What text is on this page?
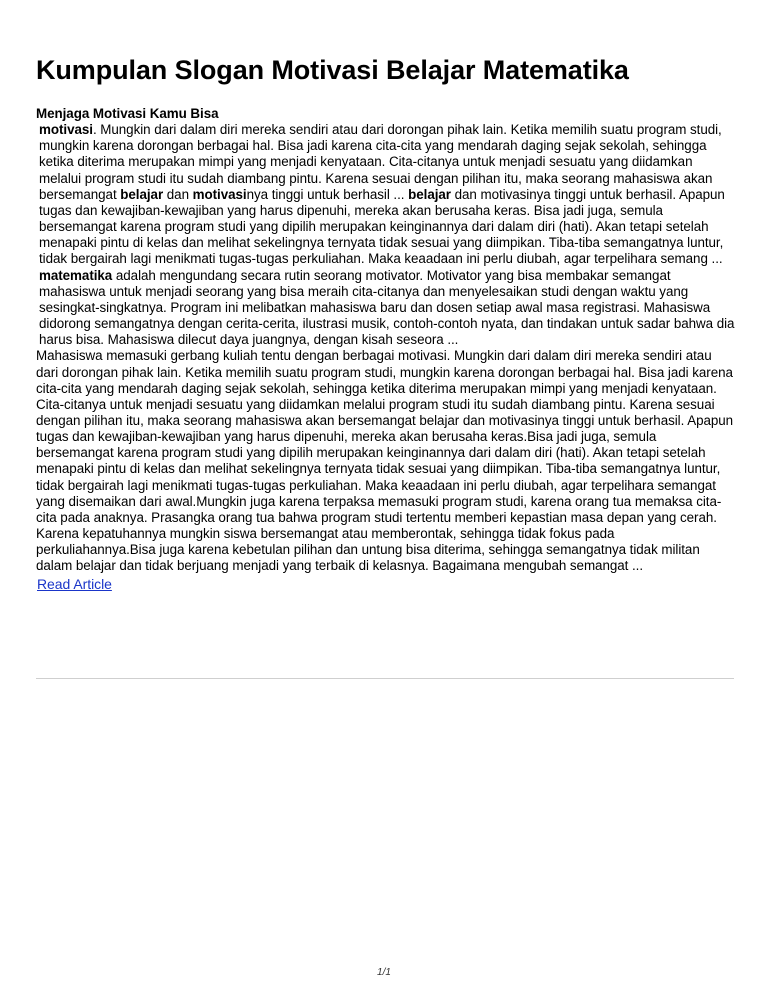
Kumpulan Slogan Motivasi Belajar Matematika

Menjaga Motivasi Kamu Bisa

motivasi. Mungkin dari dalam diri mereka sendiri atau dari dorongan pihak lain. Ketika memilih suatu program studi, mungkin karena dorongan berbagai hal. Bisa jadi karena cita-cita yang mendarah daging sejak sekolah, sehingga ketika diterima merupakan mimpi yang menjadi kenyataan. Cita-citanya untuk menjadi sesuatu yang diidamkan melalui program studi itu sudah diambang pintu. Karena sesuai dengan pilihan itu, maka seorang mahasiswa akan bersemangat belajar dan motivasinya tinggi untuk berhasil ... belajar dan motivasinya tinggi untuk berhasil. Apapun tugas dan kewajiban-kewajiban yang harus dipenuhi, mereka akan berusaha keras. Bisa jadi juga, semula bersemangat karena program studi yang dipilih merupakan keinginannya dari dalam diri (hati). Akan tetapi setelah menapaki pintu di kelas dan melihat sekelingnya ternyata tidak sesuai yang diimpikan. Tiba-tiba semangatnya luntur, tidak bergairah lagi menikmati tugas-tugas perkuliahan. Maka keaadaan ini perlu diubah, agar terpelihara semang ... matematika adalah mengundang secara rutin seorang motivator. Motivator yang bisa membakar semangat mahasiswa untuk menjadi seorang yang bisa meraih cita-citanya dan menyelesaikan studi dengan waktu yang sesingkat-singkatnya. Program ini melibatkan mahasiswa baru dan dosen setiap awal masa registrasi. Mahasiswa didorong semangatnya dengan cerita-cerita, ilustrasi musik, contoh-contoh nyata, dan tindakan untuk sadar bahwa dia harus bisa. Mahasiswa dilecut daya juangnya, dengan kisah seseora ...

Mahasiswa memasuki gerbang kuliah tentu dengan berbagai motivasi. Mungkin dari dalam diri mereka sendiri atau dari dorongan pihak lain. Ketika memilih suatu program studi, mungkin karena dorongan berbagai hal. Bisa jadi karena cita-cita yang mendarah daging sejak sekolah, sehingga ketika diterima merupakan mimpi yang menjadi kenyataan. Cita-citanya untuk menjadi sesuatu yang diidamkan melalui program studi itu sudah diambang pintu. Karena sesuai dengan pilihan itu, maka seorang mahasiswa akan bersemangat belajar dan motivasinya tinggi untuk berhasil. Apapun tugas dan kewajiban-kewajiban yang harus dipenuhi, mereka akan berusaha keras.Bisa jadi juga, semula bersemangat karena program studi yang dipilih merupakan keinginannya dari dalam diri (hati). Akan tetapi setelah menapaki pintu di kelas dan melihat sekelingnya ternyata tidak sesuai yang diimpikan. Tiba-tiba semangatnya luntur, tidak bergairah lagi menikmati tugas-tugas perkuliahan. Maka keaadaan ini perlu diubah, agar terpelihara semangat yang disemaikan dari awal.Mungkin juga karena terpaksa memasuki program studi, karena orang tua memaksa cita-cita pada anaknya. Prasangka orang tua bahwa program studi tertentu memberi kepastian masa depan yang cerah. Karena kepatuhannya mungkin siswa bersemangat atau memberontak, sehingga tidak fokus pada perkuliahannya.Bisa juga karena kebetulan pilihan dan untung bisa diterima, sehingga semangatnya tidak militan dalam belajar dan tidak berjuang menjadi yang terbaik di kelasnya. Bagaimana mengubah semangat ...

Read Article
1/1
